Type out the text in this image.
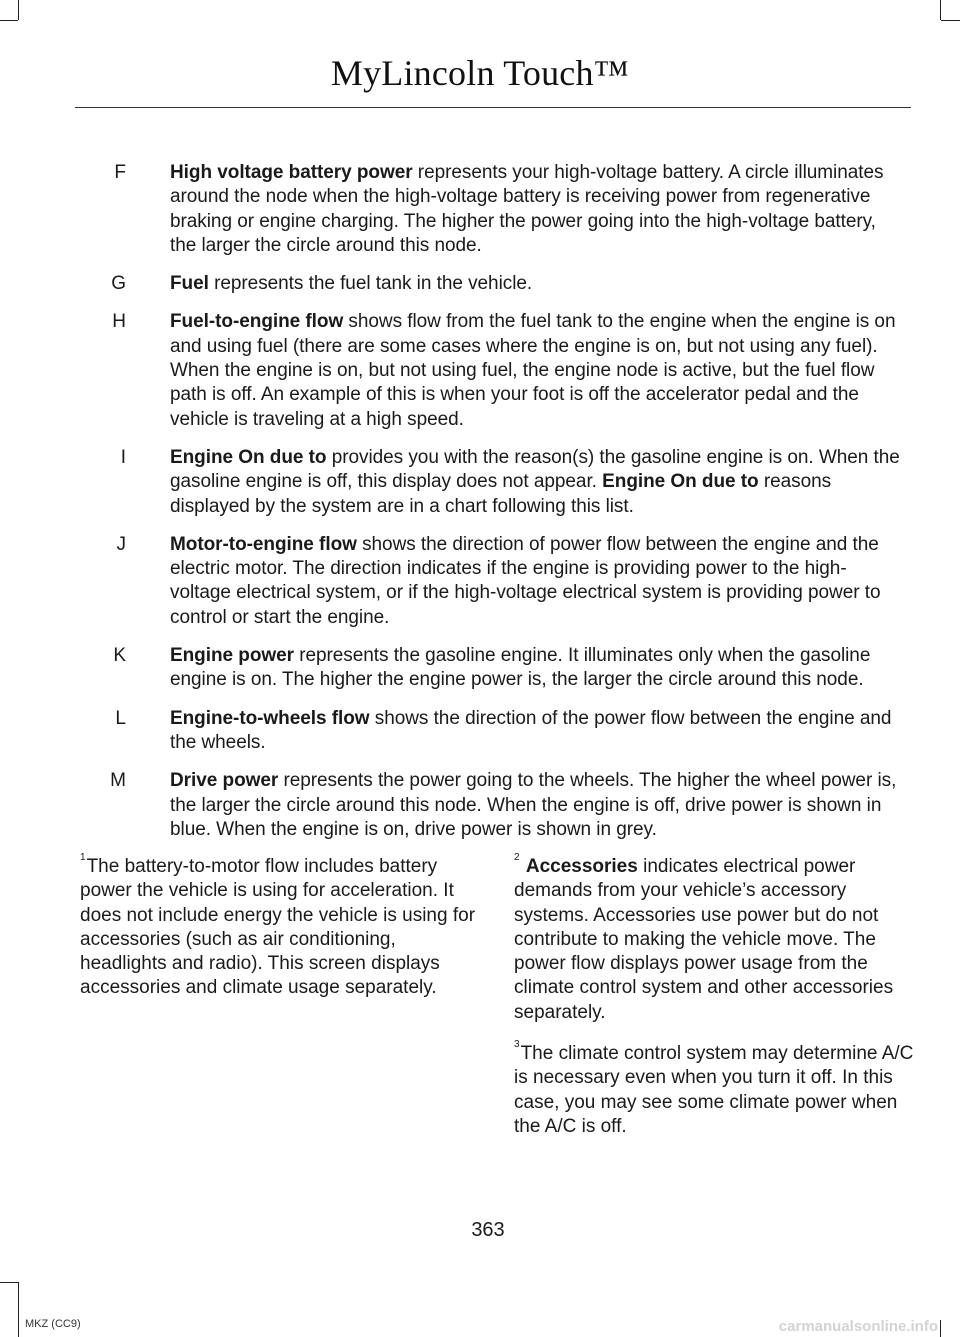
MyLincoln Touch™
F	High voltage battery power represents your high-voltage battery. A circle illuminates around the node when the high-voltage battery is receiving power from regenerative braking or engine charging. The higher the power going into the high-voltage battery, the larger the circle around this node.
G	Fuel represents the fuel tank in the vehicle.
H	Fuel-to-engine flow shows flow from the fuel tank to the engine when the engine is on and using fuel (there are some cases where the engine is on, but not using any fuel). When the engine is on, but not using fuel, the engine node is active, but the fuel flow path is off. An example of this is when your foot is off the accelerator pedal and the vehicle is traveling at a high speed.
I	Engine On due to provides you with the reason(s) the gasoline engine is on. When the gasoline engine is off, this display does not appear. Engine On due to reasons displayed by the system are in a chart following this list.
J	Motor-to-engine flow shows the direction of power flow between the engine and the electric motor. The direction indicates if the engine is providing power to the high-voltage electrical system, or if the high-voltage electrical system is providing power to control or start the engine.
K	Engine power represents the gasoline engine. It illuminates only when the gasoline engine is on. The higher the engine power is, the larger the circle around this node.
L	Engine-to-wheels flow shows the direction of the power flow between the engine and the wheels.
M	Drive power represents the power going to the wheels. The higher the wheel power is, the larger the circle around this node. When the engine is off, drive power is shown in blue. When the engine is on, drive power is shown in grey.
$^1$The battery-to-motor flow includes battery power the vehicle is using for acceleration. It does not include energy the vehicle is using for accessories (such as air conditioning, headlights and radio). This screen displays accessories and climate usage separately.
$^2$ Accessories indicates electrical power demands from your vehicle’s accessory systems. Accessories use power but do not contribute to making the vehicle move. The power flow displays power usage from the climate control system and other accessories separately.
$^3$The climate control system may determine A/C is necessary even when you turn it off. In this case, you may see some climate power when the A/C is off.
363
MKZ (CC9)	carmanualsonline.info
